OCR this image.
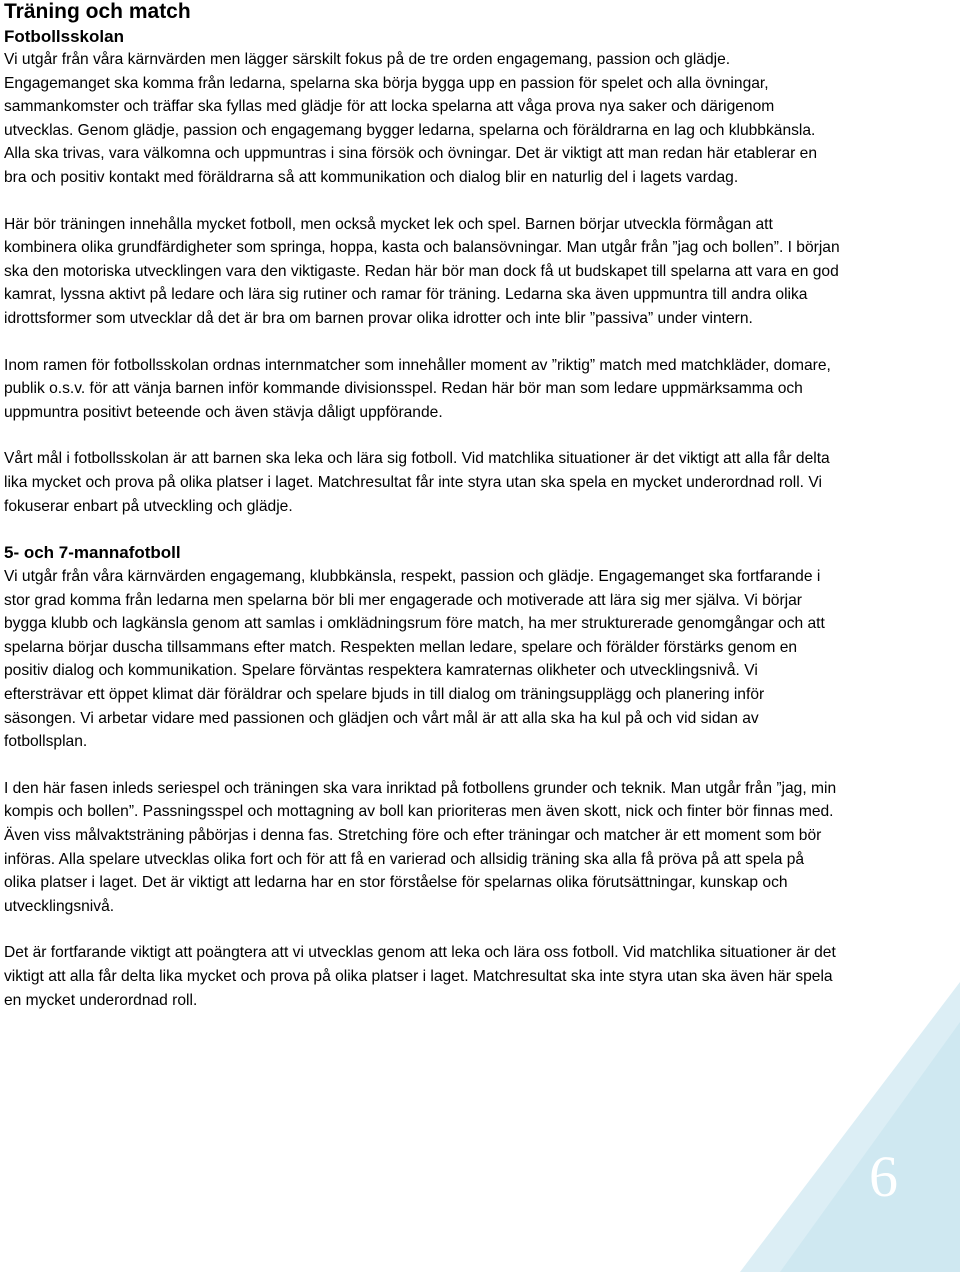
Träning och match
Fotbollsskolan

Vi utgår från våra kärnvärden men lägger särskilt fokus på de tre orden engagemang, passion och glädje. Engagemanget ska komma från ledarna, spelarna ska börja bygga upp en passion för spelet och alla övningar, sammankomster och träffar ska fyllas med glädje för att locka spelarna att våga prova nya saker och därigenom utvecklas. Genom glädje, passion och engagemang bygger ledarna, spelarna och föräldrarna en lag och klubbkänsla. Alla ska trivas, vara välkomna och uppmuntras i sina försök och övningar. Det är viktigt att man redan här etablerar en bra och positiv kontakt med föräldrarna så att kommunikation och dialog blir en naturlig del i lagets vardag.

Här bör träningen innehålla mycket fotboll, men också mycket lek och spel. Barnen börjar utveckla förmågan att kombinera olika grundfärdigheter som springa, hoppa, kasta och balansövningar. Man utgår från ”jag och bollen”. I början ska den motoriska utvecklingen vara den viktigaste. Redan här bör man dock få ut budskapet till spelarna att vara en god kamrat, lyssna aktivt på ledare och lära sig rutiner och ramar för träning. Ledarna ska även uppmuntra till andra olika idrottsformer som utvecklar då det är bra om barnen provar olika idrotter och inte blir ”passiva” under vintern.

Inom ramen för fotbollsskolan ordnas internmatcher som innehåller moment av ”riktig” match med matchkläder, domare, publik o.s.v. för att vänja barnen inför kommande divisionsspel. Redan här bör man som ledare uppmärksamma och uppmuntra positivt beteende och även stävja dåligt uppförande.

Vårt mål i fotbollsskolan är att barnen ska leka och lära sig fotboll. Vid matchlika situationer är det viktigt att alla får delta lika mycket och prova på olika platser i laget. Matchresultat får inte styra utan ska spela en mycket underordnad roll. Vi fokuserar enbart på utveckling och glädje.

5- och 7-mannafotboll

Vi utgår från våra kärnvärden engagemang, klubbkänsla, respekt, passion och glädje. Engagemanget ska fortfarande i stor grad komma från ledarna men spelarna bör bli mer engagerade och motiverade att lära sig mer själva. Vi börjar bygga klubb och lagkänsla genom att samlas i omklädningsrum före match, ha mer strukturerade genomgångar och att spelarna börjar duscha tillsammans efter match. Respekten mellan ledare, spelare och förälder förstärks genom en positiv dialog och kommunikation. Spelare förväntas respektera kamraternas olikheter och utvecklingsnivå. Vi eftersträvar ett öppet klimat där föräldrar och spelare bjuds in till dialog om träningsupplägg och planering inför säsongen. Vi arbetar vidare med passionen och glädjen och vårt mål är att alla ska ha kul på och vid sidan av fotbollsplan.

I den här fasen inleds seriespel och träningen ska vara inriktad på fotbollens grunder och teknik. Man utgår från ”jag, min kompis och bollen”. Passningsspel och mottagning av boll kan prioriteras men även skott, nick och finter bör finnas med. Även viss målvaktsträning påbörjas i denna fas. Stretching före och efter träningar och matcher är ett moment som bör införas. Alla spelare utvecklas olika fort och för att få en varierad och allsidig träning ska alla få pröva på att spela på olika platser i laget. Det är viktigt att ledarna har en stor förståelse för spelarnas olika förutsättningar, kunskap och utvecklingsnivå.

Det är fortfarande viktigt att poängtera att vi utvecklas genom att leka och lära oss fotboll. Vid matchlika situationer är det viktigt att alla får delta lika mycket och prova på olika platser i laget. Matchresultat ska inte styra utan ska även här spela en mycket underordnad roll.

6
